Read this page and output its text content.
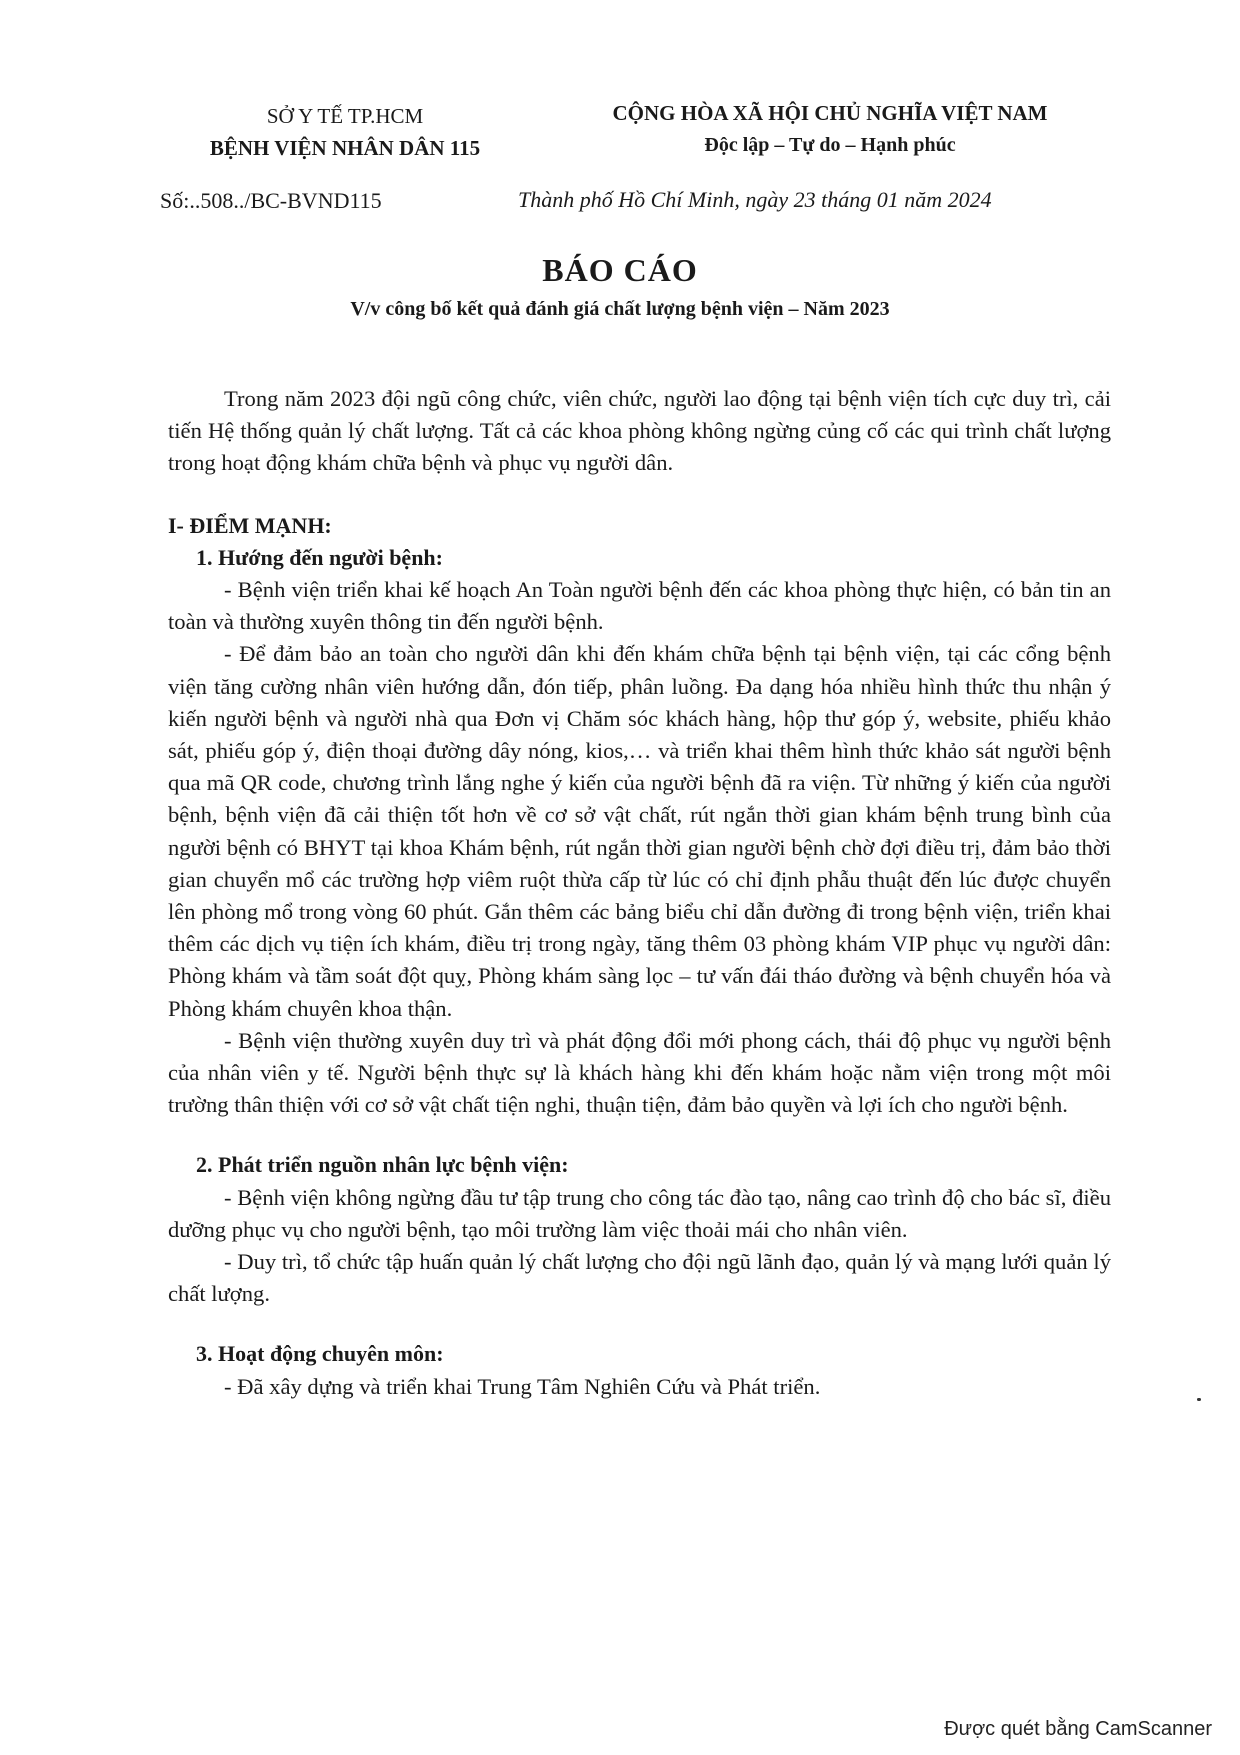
SỞ Y TẾ TP.HCM
BỆNH VIỆN NHÂN DÂN 115
CỘNG HÒA XÃ HỘI CHỦ NGHĨA VIỆT NAM
Độc lập – Tự do – Hạnh phúc
Số:..508../BC-BVND115	Thành phố Hồ Chí Minh, ngày 23 tháng 01 năm 2024
BÁO CÁO
V/v công bố kết quả đánh giá chất lượng bệnh viện – Năm 2023

Trong năm 2023 đội ngũ công chức, viên chức, người lao động tại bệnh viện tích cực duy trì, cải tiến Hệ thống quản lý chất lượng. Tất cả các khoa phòng không ngừng củng cố các qui trình chất lượng trong hoạt động khám chữa bệnh và phục vụ người dân.

I- ĐIỂM MẠNH:

1. Hướng đến người bệnh:

- Bệnh viện triển khai kế hoạch An Toàn người bệnh đến các khoa phòng thực hiện, có bản tin an toàn và thường xuyên thông tin đến người bệnh.

- Để đảm bảo an toàn cho người dân khi đến khám chữa bệnh tại bệnh viện, tại các cổng bệnh viện tăng cường nhân viên hướng dẫn, đón tiếp, phân luồng. Đa dạng hóa nhiều hình thức thu nhận ý kiến người bệnh và người nhà qua Đơn vị Chăm sóc khách hàng, hộp thư góp ý, website, phiếu khảo sát, phiếu góp ý, điện thoại đường dây nóng, kios,… và triển khai thêm hình thức khảo sát người bệnh qua mã QR code, chương trình lắng nghe ý kiến của người bệnh đã ra viện. Từ những ý kiến của người bệnh, bệnh viện đã cải thiện tốt hơn về cơ sở vật chất, rút ngắn thời gian khám bệnh trung bình của người bệnh có BHYT tại khoa Khám bệnh, rút ngắn thời gian người bệnh chờ đợi điều trị, đảm bảo thời gian chuyển mổ các trường hợp viêm ruột thừa cấp từ lúc có chỉ định phẫu thuật đến lúc được chuyển lên phòng mổ trong vòng 60 phút. Gắn thêm các bảng biểu chỉ dẫn đường đi trong bệnh viện, triển khai thêm các dịch vụ tiện ích khám, điều trị trong ngày, tăng thêm 03 phòng khám VIP phục vụ người dân: Phòng khám và tầm soát đột quỵ, Phòng khám sàng lọc – tư vấn đái tháo đường và bệnh chuyển hóa và Phòng khám chuyên khoa thận.

- Bệnh viện thường xuyên duy trì và phát động đổi mới phong cách, thái độ phục vụ người bệnh của nhân viên y tế. Người bệnh thực sự là khách hàng khi đến khám hoặc nằm viện trong một môi trường thân thiện với cơ sở vật chất tiện nghi, thuận tiện, đảm bảo quyền và lợi ích cho người bệnh.

2. Phát triển nguồn nhân lực bệnh viện:

- Bệnh viện không ngừng đầu tư tập trung cho công tác đào tạo, nâng cao trình độ cho bác sĩ, điều dưỡng phục vụ cho người bệnh, tạo môi trường làm việc thoải mái cho nhân viên.

- Duy trì, tổ chức tập huấn quản lý chất lượng cho đội ngũ lãnh đạo, quản lý và mạng lưới quản lý chất lượng.

3. Hoạt động chuyên môn:

- Đã xây dựng và triển khai Trung Tâm Nghiên Cứu và Phát triển.

Được quét bằng CamScanner
